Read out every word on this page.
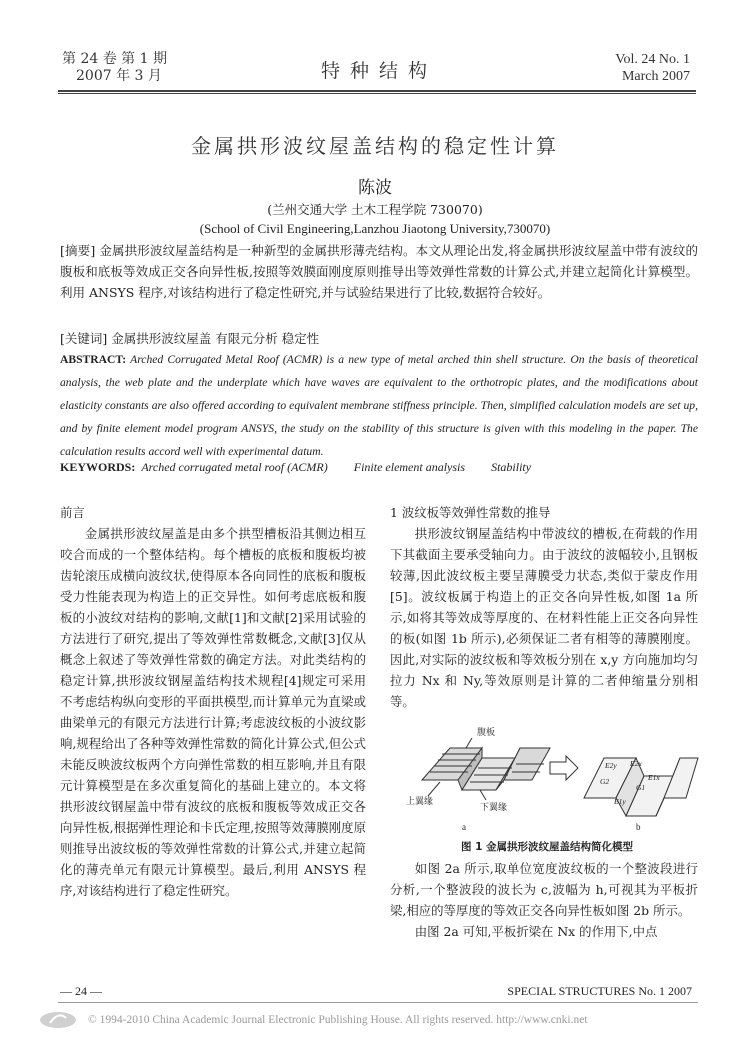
第 24 卷 第 1 期
2007 年 3 月	特 种 结 构
Vol. 24 No. 1
March 2007
金属拱形波纹屋盖结构的稳定性计算
陈波
(兰州交通大学 土木工程学院 730070)
(School of Civil Engineering,Lanzhou Jiaotong University,730070)
[摘要] 金属拱形波纹屋盖结构是一种新型的金属拱形薄壳结构。本文从理论出发,将金属拱形波纹屋盖中带有波纹的腹板和底板等效成正交各向异性板,按照等效膜面刚度原则推导出等效弹性常数的计算公式,并建立起简化计算模型。利用 ANSYS 程序,对该结构进行了稳定性研究,并与试验结果进行了比较,数据符合较好。
[关键词] 金属拱形波纹屋盖 有限元分析 稳定性
ABSTRACT: Arched Corrugated Metal Roof (ACMR) is a new type of metal arched thin shell structure. On the basis of theoretical analysis, the web plate and the underplate which have waves are equivalent to the orthotropic plates, and the modifications about elasticity constants are also offered according to equivalent membrane stiffness principle. Then, simplified calculation models are set up, and by finite element model program ANSYS, the study on the stability of this structure is given with this modeling in the paper. The calculation results accord well with experimental datum.
KEYWORDS: Arched corrugated metal roof (ACMR) Finite element analysis Stability

前言

金属拱形波纹屋盖是由多个拱型槽板沿其侧边相互咬合而成的一个整体结构。每个槽板的底板和腹板均被齿轮滚压成横向波纹状,使得原本各向同性的底板和腹板受力性能表现为构造上的正交异性。如何考虑底板和腹板的小波纹对结构的影响,文献[1]和文献[2]采用试验的方法进行了研究,提出了等效弹性常数概念,文献[3]仅从概念上叙述了等效弹性常数的确定方法。对此类结构的稳定计算,拱形波纹钢屋盖结构技术规程[4]规定可采用不考虑结构纵向变形的平面拱模型,而计算单元为直梁或曲梁单元的有限元方法进行计算;考虑波纹板的小波纹影响,规程给出了各种等效弹性常数的简化计算公式,但公式未能反映波纹板两个方向弹性常数的相互影响,并且有限元计算模型是在多次重复简化的基础上建立的。本文将拱形波纹钢屋盖中带有波纹的底板和腹板等效成正交各向异性板,根据弹性理论和卡氏定理,按照等效薄膜刚度原则推导出波纹板的等效弹性常数的计算公式,并建立起简化的薄壳单元有限元计算模型。最后,利用 ANSYS 程序,对该结构进行了稳定性研究。

1 波纹板等效弹性常数的推导

拱形波纹钢屋盖结构中带波纹的槽板,在荷载的作用下其截面主要承受轴向力。由于波纹的波幅较小,且钢板较薄,因此波纹板主要呈薄膜受力状态,类似于蒙皮作用[5]。波纹板属于构造上的正交各向异性板,如图 1a 所示,如将其等效成等厚度的、在材料性能上正交各向异性的板(如图 1b 所示),必须保证二者有相等的薄膜刚度。因此,对实际的波纹板和等效板分别在 x,y 方向施加均匀拉力 Nx 和 Ny,等效原则是计算的二者伸缩量分别相等。

腹板
上翼缘
下翼缘
a
E2y E2x
E1x
G2
G1
E1y
b
图 1 金属拱形波纹屋盖结构简化模型

如图 2a 所示,取单位宽度波纹板的一个整波段进行分析,一个整波段的波长为 c,波幅为 h,可视其为平板折梁,相应的等厚度的等效正交各向异性板如图 2b 所示。

由图 2a 可知,平板折梁在 Nx 的作用下,中点

— 24 —	SPECIAL STRUCTURES No. 1 2007
© 1994-2010 China Academic Journal Electronic Publishing House. All rights reserved. http://www.cnki.net
